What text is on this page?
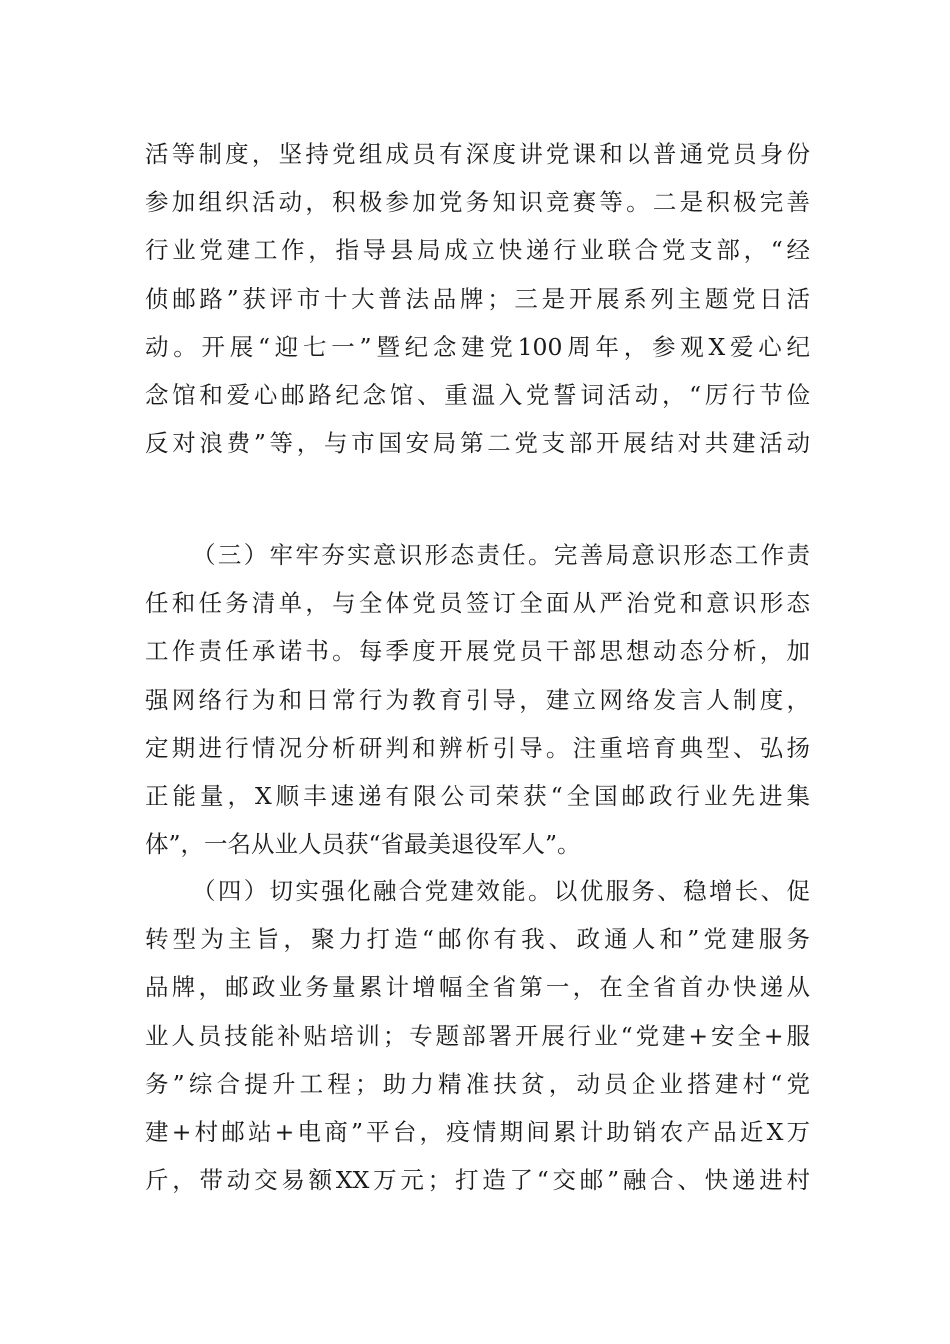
活等制度，坚持党组成员有深度讲党课和以普通党员身份
参加组织活动，积极参加党务知识竞赛等。二是积极完善
行业党建工作，指导县局成立快递行业联合党支部，“经
侦邮路”获评市十大普法品牌；三是开展系列主题党日活
动。开展“迎七一”暨纪念建党100周年，参观X爱心纪
念馆和爱心邮路纪念馆、重温入党誓词活动，“厉行节俭
反对浪费”等，与市国安局第二党支部开展结对共建活动
（三）牢牢夯实意识形态责任。完善局意识形态工作责
任和任务清单，与全体党员签订全面从严治党和意识形态
工作责任承诺书。每季度开展党员干部思想动态分析，加
强网络行为和日常行为教育引导，建立网络发言人制度，
定期进行情况分析研判和辨析引导。注重培育典型、弘扬
正能量，X顺丰速递有限公司荣获“全国邮政行业先进集
体”，一名从业人员获“省最美退役军人”。
（四）切实强化融合党建效能。以优服务、稳增长、促
转型为主旨，聚力打造“邮你有我、政通人和”党建服务
品牌，邮政业务量累计增幅全省第一，在全省首办快递从
业人员技能补贴培训；专题部署开展行业“党建+安全+服
务”综合提升工程；助力精准扶贫，动员企业搭建村“党
建+村邮站+电商”平台，疫情期间累计助销农产品近X万
斤，带动交易额XX万元；打造了“交邮”融合、快递进村
